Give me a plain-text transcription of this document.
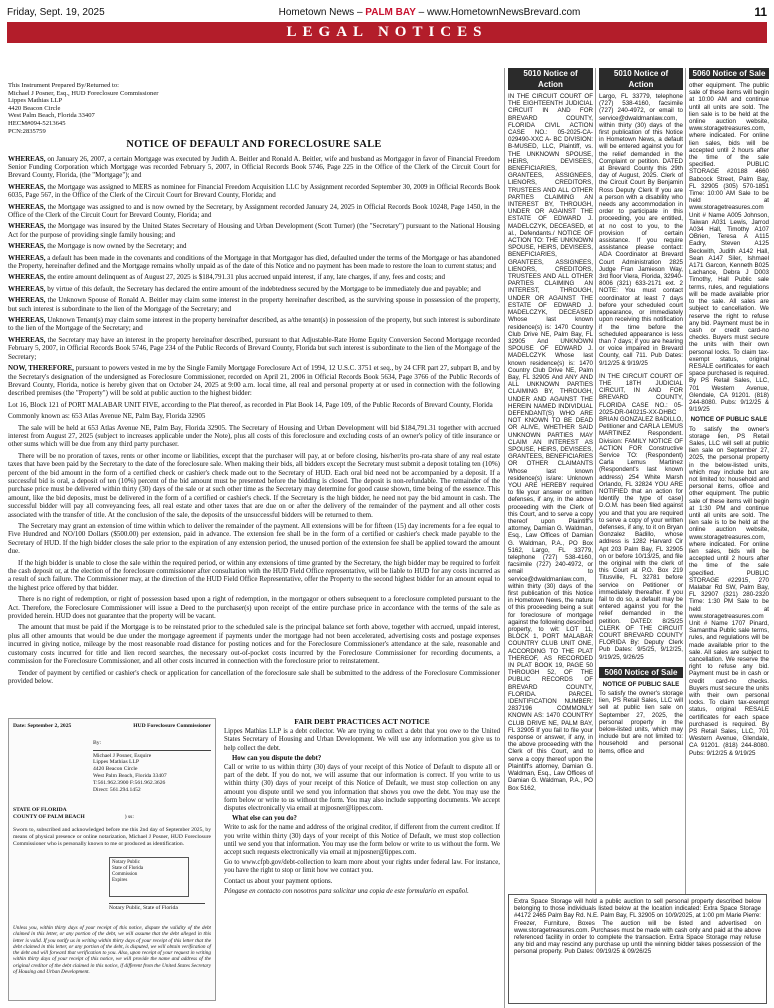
Friday, Sept. 19, 2025	Hometown News – PALM BAY – www.HometownNewsBrevard.com	11
LEGAL NOTICES
This Instrument Prepared By/Returned to:
Michael J Posner, Esq., HUD Foreclosure Commissioner
Lippes Mathias LLP
4420 Beacon Circle
West Palm Beach, Florida 33407
HECM#094-5213645
PCN:2835759
NOTICE OF DEFAULT AND FORECLOSURE SALE

WHEREAS, on January 26, 2007, a certain Mortgage was executed by Judith A. Beitler and Ronald A. Beitler, wife and husband as Mortgagor in favor of Financial Freedom Senior Funding Corporation which Mortgage was recorded February 5, 2007, in Official Records Book 5746, Page 225 in the Office of the Clerk of the Circuit Court for Brevard County, Florida, (the "Mortgage"); and

WHEREAS, the Mortgage was assigned to MERS as nominee for Financial Freedom Acquisition LLC by Assignment recorded September 30, 2009 in Official Records Book 6035, Page 567, in the Office of the Clerk of the Circuit Court for Brevard County, Florida; and

WHEREAS, the Mortgage was assigned to and is now owned by the Secretary, by Assignment recorded January 24, 2025 in Official Records Book 10248, Page 1450, in the Office of the Clerk of the Circuit Court for Brevard County, Florida; and

WHEREAS, the Mortgage was insured by the United States Secretary of Housing and Urban Development (Scott Turner) (the "Secretary") pursuant to the National Housing Act for the purpose of providing single family housing; and

WHEREAS, the Mortgage is now owned by the Secretary; and

WHEREAS, a default has been made in the covenants and conditions of the Mortgage in that Mortgagor has died, defaulted under the terms of the Mortgage or has abandoned the Property, hereinafter defined and the Mortgage remains wholly unpaid as of the date of this Notice and no payment has been made to restore the loan to current status; and

WHEREAS, the entire amount delinquent as of August 27, 2025 is $184,791.31 plus accrued unpaid interest, if any, late charges, if any, fees and costs; and

WHEREAS, by virtue of this default, the Secretary has declared the entire amount of the indebtedness secured by the Mortgage to be immediately due and payable; and

WHEREAS, the Unknown Spouse of Ronald A. Beitler may claim some interest in the property hereinafter described, as the surviving spouse in possession of the property, but such interest is subordinate to the lien of the Mortgage of the Secretary; and

WHEREAS, Unknown Tenant(s) may claim some interest in the property hereinafter described, as a/the tenant(s) in possession of the property, but such interest is subordinate to the lien of the Mortgage of the Secretary; and

WHEREAS, the Secretary may have an interest in the property hereinafter described, pursuant to that Adjustable-Rate Home Equity Conversion Second Mortgage recorded February 5, 2007, in Official Records Book 5746, Page 234 of the Public Records of Brevard County, Florida but such interest is subordinate to the lien of the Mortgage of the Secretary;

NOW, THEREFORE, pursuant to powers vested in me by the Single Family Mortgage Foreclosure Act of 1994, 12 U.S.C. 3751 et seq., by 24 CFR part 27, subpart B, and by the Secretary's designation of the undersigned as Foreclosure Commissioner, recorded on April 21, 2006 in Official Records Book 5634, Page 3766 of the Public Records of Brevard County, Florida, notice is hereby given that on October 24, 2025 at 9:00 a.m. local time, all real and personal property at or used in connection with the following described premises (the "Property") will be sold at public auction to the highest bidder:

Lot 16, Block 121 of PORT MALABAR UNIT FIVE, according to the Plat thereof, as recorded in Plat Book 14, Page 109, of the Public Records of Brevard County, Florida

Commonly known as: 653 Atlas Avenue NE, Palm Bay, Florida 32905

The sale will be held at 653 Atlas Avenue NE, Palm Bay, Florida 32905. The Secretary of Housing and Urban Development will bid $184,791.31 together with accrued interest from August 27, 2025 (subject to increases applicable under the Note), plus all costs of this foreclosure and excluding costs of an owner's policy of title insurance or other sums which will be due from any third party purchaser.

There will be no proration of taxes, rents or other income or liabilities, except that the purchaser will pay, at or before closing, his/her/its pro-rata share of any real estate taxes that have been paid by the Secretary to the date of the foreclosure sale. When making their bids, all bidders except the Secretary must submit a deposit totaling ten (10%) percent of the bid amount in the form of a certified check or cashier's check made out to the Secretary of HUD. Each oral bid need not be accompanied by a deposit. If a successful bid is oral, a deposit of ten (10%) percent of the bid amount must be presented before the bidding is closed. The deposit is non-refundable. The remainder of the purchase price must be delivered within thirty (30) days of the sale or at such other time as the Secretary may determine for good cause shown, time being of the essence. This amount, like the bid deposits, must be delivered in the form of a certified or cashier's check. If the Secretary is the high bidder, he need not pay the bid amount in cash. The successful bidder will pay all conveyancing fees, all real estate and other taxes that are due on or after the delivery of the remainder of the payment and all other costs associated with the transfer of title. At the conclusion of the sale, the deposits of the unsuccessful bidders will be returned to them.

The Secretary may grant an extension of time within which to deliver the remainder of the payment. All extensions will be for fifteen (15) day increments for a fee equal to Five Hundred and NO/100 Dollars ($500.00) per extension, paid in advance. The extension fee shall be in the form of a certified or cashier's check made payable to the Secretary of HUD. If the high bidder closes the sale prior to the expiration of any extension period, the unused portion of the extension fee shall be applied toward the amount due.

If the high bidder is unable to close the sale within the required period, or within any extensions of time granted by the Secretary, the high bidder may be required to forfeit the cash deposit or, at the election of the foreclosure commissioner after consultation with the HUD Field Office representative, will be liable to HUD for any costs incurred as a result of such failure. The Commissioner may, at the direction of the HUD Field Office Representative, offer the Property to the second highest bidder for an amount equal to the highest price offered by that bidder.

There is no right of redemption, or right of possession based upon a right of redemption, in the mortgagor or others subsequent to a foreclosure completed pursuant to the Act. Therefore, the Foreclosure Commissioner will issue a Deed to the purchaser(s) upon receipt of the entire purchase price in accordance with the terms of the sale as provided herein. HUD does not guarantee that the property will be vacant.

The amount that must be paid if the Mortgage is to be reinstated prior to the scheduled sale is the principal balance set forth above, together with accrued, unpaid interest, plus all other amounts that would be due under the mortgage agreement if payments under the mortgage had not been accelerated, advertising costs and postage expenses incurred in giving notice, mileage by the most reasonable road distance for posting notices and for the Foreclosure Commissioner's attendance at the sale, reasonable and customary costs incurred for title and lien record searches, the necessary out-of-pocket costs incurred by the Foreclosure Commissioner for recording documents, a commission for the Foreclosure Commissioner, and all other costs incurred in connection with the foreclosure prior to reinstatement.

Tender of payment by certified or cashier's check or application for cancellation of the foreclosure sale shall be submitted to the address of the Foreclosure Commissioner provided below.

Date: September 2, 2025	HUD Foreclosure Commissioner
By:
Michael J Posner, Esquire
Lippes Mathias LLP
4420 Beacon Circle
West Palm Beach, Florida 33407
T:561.962.3900 F:561.962.3626
Direct: 561.294.1452
STATE OF FLORIDA
COUNTY OF PALM BEACH	) ss:
Sworn to, subscribed and acknowledged before me this 2nd day of September 2025, by means of physical presence or online notarization, Michael J Posner, HUD Foreclosure Commissioner who is personally known to me or produced as identification.
Notary Public
State of Florida
Commission
Expires
Notary Public, State of Florida
Unless you, within thirty days of your receipt of this notice, dispute the validity of the debt claimed in this letter, or any portion of the debt, we will assume that the debt alleged in this letter is valid. If you notify us in writing within thirty days of your receipt of this letter that the debt claimed in this letter, or any portion of the debt, is disputed, we will obtain verification of the debt and will forward that verification to you. Also, upon receipt of your request in writing within thirty days of your receipt of this notice, we will provide the name and address of the original creditor of the debt claimed in this notice, if different from the United States Secretary of Housing and Urban Development.
FAIR DEBT PRACTICES ACT NOTICE

Lippes Mathias LLP is a debt collector. We are trying to collect a debt that you owe to the United States Secretary of Housing and Urban Development. We will use any information you give us to help collect the debt.

How can you dispute the debt?

Call or write to us within thirty (30) days of your receipt of this Notice of Default to dispute all or part of the debt. If you do not, we will assume that our information is correct. If you write to us within thirty (30) days of your receipt of this Notice of Default, we must stop collection on any amount you dispute until we send you information that shows you owe the debt. You may use the form below or write to us without the form. You may also include supporting documents. We accept disputes electronically via email at mjposner@lippes.com.

What else can you do?

Write to ask for the name and address of the original creditor, if different from the current creditor. If you write within thirty (30) days of your receipt of this Notice of Default, we must stop collection until we send you that information. You may use the form below or write to us without the form. We accept such requests electronically via email at mjposner@lippes.com.

Go to www.cfpb.gov/debt-collection to learn more about your rights under federal law. For instance, you have the right to stop or limit how we contact you.

Contact us about your payment options.

Póngase en contacto con nosotros para solicitar una copia de este formulario en español.

5010 Notice of Action

IN THE CIRCUIT COURT OF THE EIGHTEENTH JUDICIAL CIRCUIT IN AND FOR BREVARD COUNTY, FLORIDA CIVIL ACTION CASE NO.: 05-2025-CA-029490-XXC A- BC DIVISION: B-MUSED, LLC, Plaintiff, vs. THE UNKNOWN SPOUSE, HEIRS, DEVISEES, BENEFICIARIES, GRANTEES, ASSIGNEES, LIENORS, CREDITORS, TRUSTEES AND ALL OTHER PARTIES CLAIMING AN INTEREST BY, THROUGH, UNDER OR AGAINST THE ESTATE OF EDWARD J. MADELCZYK, DECEASED, et al., Defendants./ NOTICE OF ACTION TO: THE UNKNOWN SPOUSE, HEIRS, DEVISEES, BENEFICIARIES, GRANTEES, ASSIGNEES, LIENORS, CREDITORS, TRUSTEES AND ALL OTHER PARTIES CLAIMING AN INTEREST, THROUGH, UNDER OR AGAINST THE ESTATE OF EDWARD J. MADELCZYK, DECEASED Whose last known residence(s) is: 1470 Country Club Drive NE, Palm Bay, FL 32905 And UNKNOWN SPOUSE OF EDWARD J. MADELCZYK Whose last known residence(s) is: 1470 Country Club Drive NE, Palm Bay, FL 32905 And ANY AND ALL UNKNOWN PARTIES CLAIMING BY, THROUGH, UNDER AND AGAINST THE HEREIN NAMED INDIVIDUAL DEFENDANT(S) WHO ARE NOT KNOWN TO BE DEAD OR ALIVE, WHETHER SAID UNKNOWN PARTIES MAY CLAIM AN INTEREST AS SPOUSE, HEIRS, DEVISEES, GRANTEES, BENEFICIARIES OR OTHER CLAIMANTS Whose last known residence(s) is/are: Unknown YOU ARE HEREBY required to file your answer or written defenses, if any, in the above proceeding with the Clerk of this Court, and to serve a copy thereof upon Plaintiff's attorney, Damian G. Waldman, Esq., Law Offices of Damian G. Waldman, P.A., PO Box 5162, Largo, FL 33779, telephone (727) 538-4160, facsimile (727) 240-4972, or email to service@dwaldmanlaw.com, within thirty (30) days of the first publication of this Notice in Hometown News, the nature of this proceeding being a suit for foreclosure of mortgage against the following described property, to wit: LOT 11, BLOCK 1, PORT MALABAR COUNTRY CLUB UNIT ONE, ACCORDING TO THE PLAT THEREOF, AS RECORDED IN PLAT BOOK 19, PAGE 50 THROUGH 52, OF THE PUBLIC RECORDS OF BREVARD COUNTY, FLORIDA. PARCEL IDENTIFICATION NUMBER: 2837196 COMMONLY KNOWN AS: 1470 COUNTRY CLUB DRIVE NE, PALM BAY, FL 32905 If you fail to file your response or answer, if any, in the above proceeding with the Clerk of this Court, and to serve a copy thereof upon the Plaintiff's attorney, Damian G. Waldman, Esq., Law Offices of Damian G. Waldman, P.A., PO Box 5162,

5010 Notice of Action

Largo, FL 33779, telephone (727) 538-4160, facsimile (727) 240-4972, or email to service@dwaldmanlaw.com, within thirty (30) days of the first publication of this Notice in Hometown News, a default will be entered against you for the relief demanded in the Complaint or petition. DATED at Brevard County this 29th day of August, 2025. Clerk of the Circuit Court By Benjamin Ross Deputy Clerk If you are a person with a disability who needs any accommodation in order to participate in this proceeding, you are entitled, at no cost to you, to the provision of certain assistance. If you require assistance please contact: ADA Coordinator at Brevard Court Administration 2825 Judge Fran Jamieson Way, 3rd floor Viera, Florida, 32940-8006 (321) 633-2171 ext. 2 NOTE: You must contact coordinator at least 7 days before your scheduled court appearance, or immediately upon receiving this notification if the time before the scheduled appearance is less than 7 days; if you are hearing or voice impaired in Brevard County, call 711. Pub Dates: 9/12/25 & 9/19/25

IN THE CIRCUIT COURT OF THE 18TH JUDICIAL CIRCUIT, IN AND FOR BREVARD COUNTY, FLORIDA CASE NO.: 05-2025-DR-040215-XX-DHBC BRIAN GONZALEZ BADILLO, Petitioner and CARLA LEMUS MARTINEZ Respondent. Division: FAMILY NOTICE OF ACTION FOR Constructive Service TO: (Respondent) Carla Lemus Martinez (Respondent's last known address) 254 White Marsh Orlando, FL 32824 YOU ARE NOTIFIED that an action for Identify the type of case] D.O.M. has been filed against you and that you are required to serve a copy of your written defenses, if any, to it on Bryan Gonzalez Badillo, whose address is 1282 Harvard Cir Apt 203 Palm Bay, FL 32905 on or before 10/13/25, and file the original with the clerk of this Court at P.O. Box 219 Titusville, FL 32781 before service on Petitioner or immediately thereafter. If you fail to do so, a default may be entered against you for the relief demanded in the petition. DATED: 8/25/25 CLERK OF THE CIRCUIT COURT BREVARD COUNTY FLORIDA By: Deputy Clerk Pub Dates: 9/5/25, 9/12/25, 9/19/25, 9/26/25

5060 Notice of Sale
NOTICE OF PUBLIC SALE

To satisfy the owner's storage lien, PS Retail Sales, LLC will sell at public lien sale on September 27, 2025, the personal property in the below-listed units, which may include but are not limited to: household and personal items, office and

5060 Notice of Sale

other equipment. The public sale of these items will begin at 10:00 AM and continue until all units are sold. The lien sale is to be held at the online auction website, www.storagetreasures.com, where indicated. For online lien sales, bids will be accepted until 2 hours after the time of the sale specified. PUBLIC STORAGE #20188 4660 Babcock Street, Palm Bay, FL 32905 (305) 570-1851 Time: 10:00 AM Sale to be held at www.storagetreasures.com Unit # Name A005 Johnson, Taiwan A031 Lewis, Jarrod A034 Hall, Timothy A107 OBrien, Teresa A A115 Eadry, Steven A125 Beckwith, Judith A142 Hall, Sean A147 Siler, Ishmael A171 Garcon, Kenneth B025 Lachance, Debra J D003 Timothy, Hall Public sale terms, rules, and regulations will be made available prior to the sale. All sales are subject to cancellation. We reserve the right to refuse any bid. Payment must be in cash or credit card-no checks. Buyers must secure the units with their own personal locks. To claim tax-exempt status, original RESALE certificates for each space purchased is required. By PS Retail Sales, LLC, 701 Western Avenue, Glendale, CA 91201. (818) 244-8080. Pubs: 9/12/25 & 9/19/25

NOTICE OF PUBLIC SALE

To satisfy the owner's storage lien, PS Retail Sales, LLC will sell at public lien sale on September 27, 2025, the personal property in the below-listed units, which may include but are not limited to: household and personal items, office and other equipment. The public sale of these items will begin at 1:30 PM and continue until all units are sold. The lien sale is to be held at the online auction website, www.storagetreasures.com, where indicated. For online lien sales, bids will be accepted until 2 hours after the time of the sale specified. PUBLIC STORAGE #22915, 270 Malabar Rd SW, Palm Bay, FL 32907 (321) 280-2320 Time: 1:30 PM Sale to be held at www.storagetreasures.com Unit # Name 1707 Pinard, Samantha Public sale terms, rules, and regulations will be made available prior to the sale. All sales are subject to cancellation. We reserve the right to refuse any bid. Payment must be in cash or credit card-no checks. Buyers must secure the units with their own personal locks. To claim tax-exempt status, original RESALE certificates for each space purchased is required. By PS Retail Sales, LLC, 701 Western Avenue, Glendale, CA 91201. (818) 244-8080. Pubs: 9/12/25 & 9/19/25

Extra Space Storage will hold a public auction to sell personal property described below belonging to those individuals listed below at the location indicated: Extra Space Storage #4172 2465 Palm Bay Rd. N.E. Palm Bay, FL 32905 on 10/9/2025, at 1:00 pm Marie Pierre: Freezer, Furniture, Boxes The auction will be listed and advertised on www.storagetreasures.com. Purchases must be made with cash only and paid at the above referenced facility in order to complete the transaction. Extra Space Storage may refuse any bid and may rescind any purchase up until the winning bidder takes possession of the personal property. Pub Dates: 09/19/25 & 09/26/25
